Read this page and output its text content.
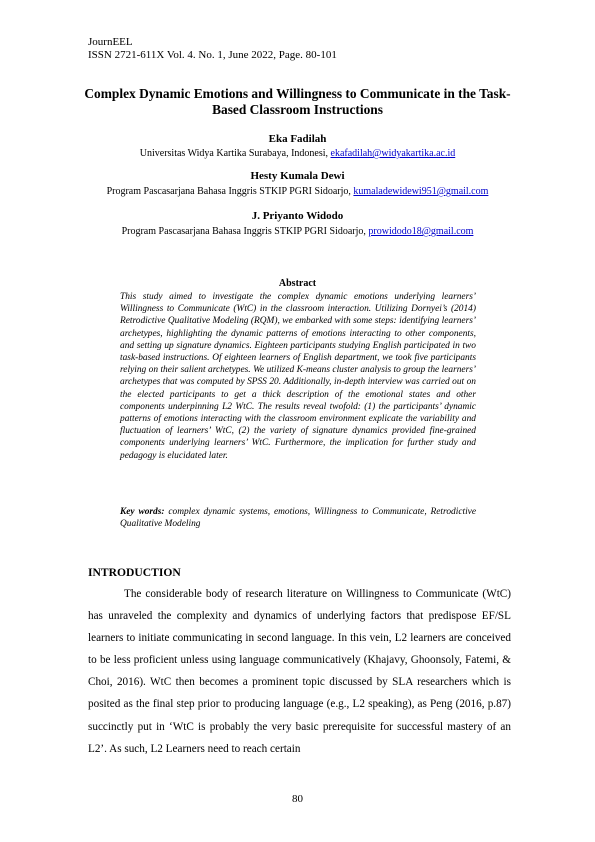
JournEEL
ISSN 2721-611X Vol. 4. No. 1, June 2022, Page. 80-101
Complex Dynamic Emotions and Willingness to Communicate in the Task-Based Classroom Instructions
Eka Fadilah
Universitas Widya Kartika Surabaya, Indonesi, ekafadilah@widyakartika.ac.id
Hesty Kumala Dewi
Program Pascasarjana Bahasa Inggris STKIP PGRI Sidoarjo, kumaladewidewi951@gmail.com
J. Priyanto Widodo
Program Pascasarjana Bahasa Inggris STKIP PGRI Sidoarjo, prowidodo18@gmail.com
Abstract
This study aimed to investigate the complex dynamic emotions underlying learners’ Willingness to Communicate (WtC) in the classroom interaction. Utilizing Dornyei’s (2014) Retrodictive Qualitative Modeling (RQM), we embarked with some steps: identifying learners’ archetypes, highlighting the dynamic patterns of emotions interacting to other components, and setting up signature dynamics. Eighteen participants studying English participated in two task-based instructions. Of eighteen learners of English department, we took five participants relying on their salient archetypes. We utilized K-means cluster analysis to group the learners’ archetypes that was computed by SPSS 20. Additionally, in-depth interview was carried out on the elected participants to get a thick description of the emotional states and other components underpinning L2 WtC. The results reveal twofold: (1) the participants’ dynamic patterns of emotions interacting with the classroom environment explicate the variability and fluctuation of learners’ WtC, (2) the variety of signature dynamics provided fine-grained components underlying learners’ WtC. Furthermore, the implication for further study and pedagogy is elucidated later.
Key words: complex dynamic systems, emotions, Willingness to Communicate, Retrodictive Qualitative Modeling
INTRODUCTION
The considerable body of research literature on Willingness to Communicate (WtC) has unraveled the complexity and dynamics of underlying factors that predispose EF/SL learners to initiate communicating in second language. In this vein, L2 learners are conceived to be less proficient unless using language communicatively (Khajavy, Ghoonsoly, Fatemi, & Choi, 2016). WtC then becomes a prominent topic discussed by SLA researchers which is posited as the final step prior to producing language (e.g., L2 speaking), as Peng (2016, p.87) succinctly put in ‘WtC is probably the very basic prerequisite for successful mastery of an L2’. As such, L2 Learners need to reach certain
80
